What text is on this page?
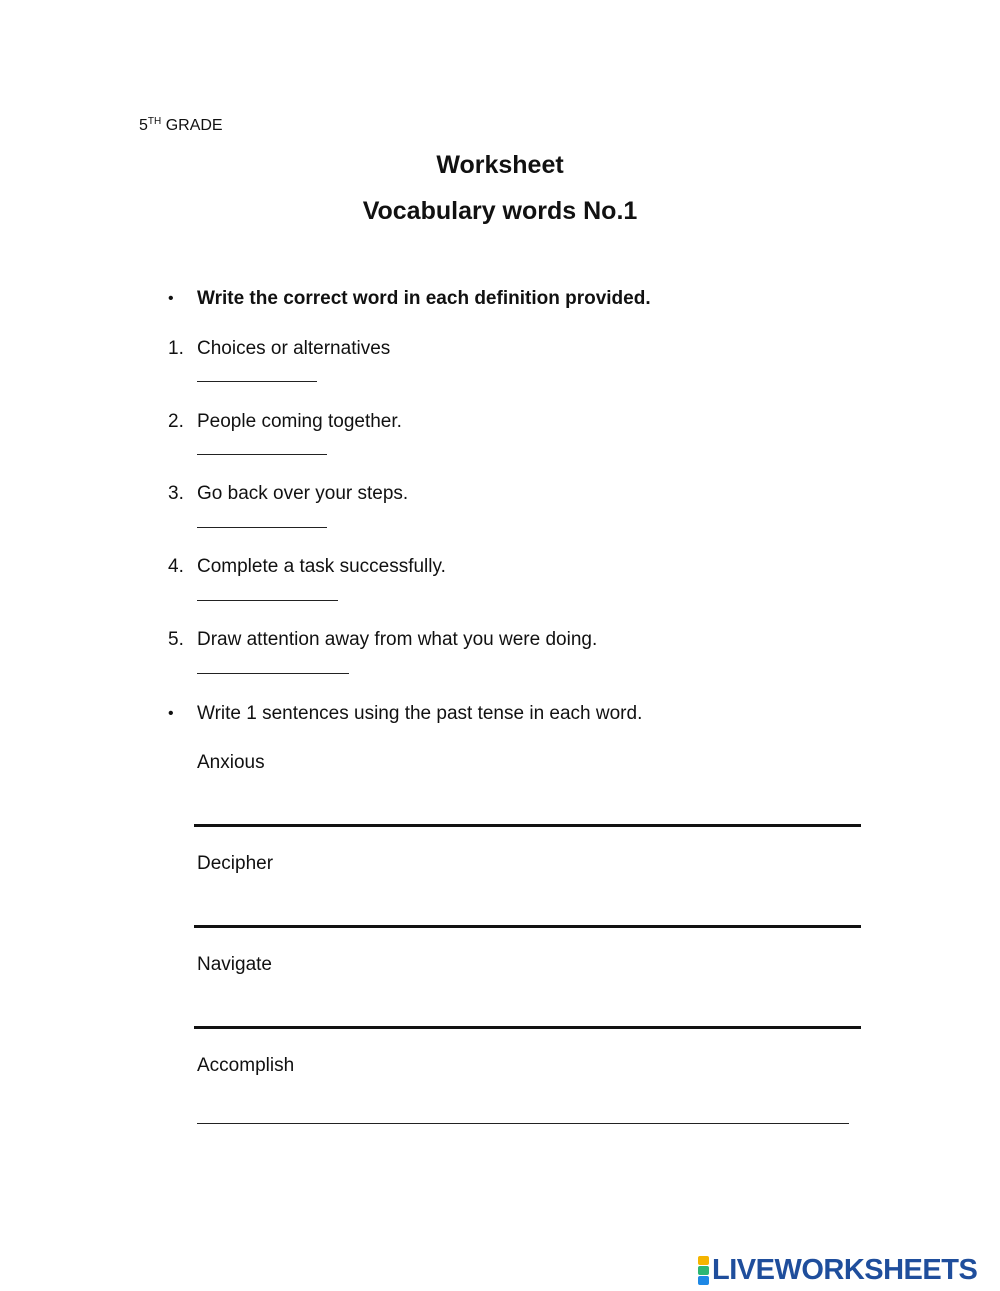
5TH GRADE
Worksheet
Vocabulary words No.1
• Write the correct word in each definition provided.
1. Choices or alternatives
2. People coming together.
3. Go back over your steps.
4. Complete a task successfully.
5. Draw attention away from what you were doing.
• Write 1 sentences using the past tense in each word.
Anxious
Decipher
Navigate
Accomplish
LIVEWORKSHEETS
